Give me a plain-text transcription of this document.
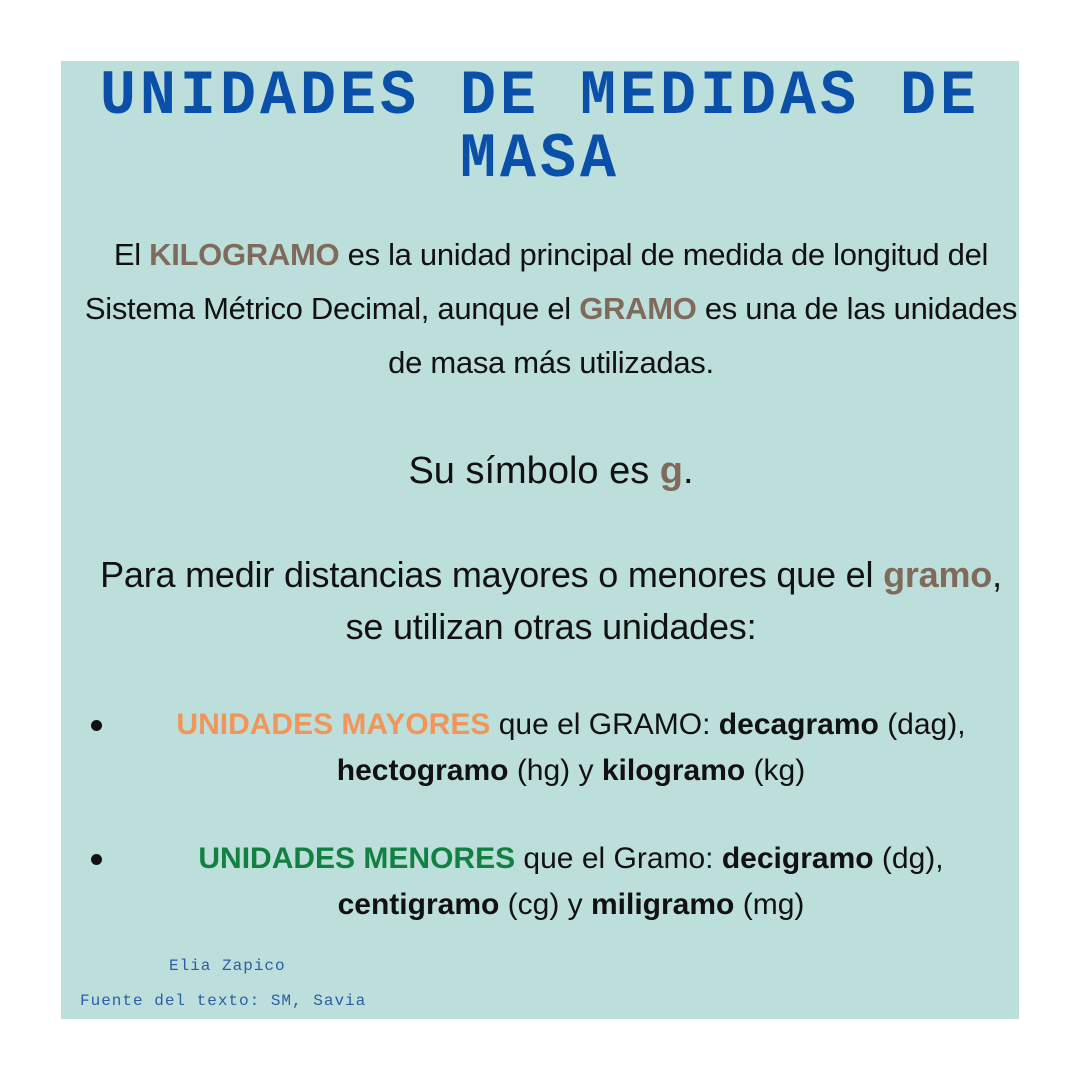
UNIDADES DE MEDIDAS DE
MASA
El KILOGRAMO es la unidad principal de medida de longitud del Sistema Métrico Decimal, aunque el GRAMO es una de las unidades de masa más utilizadas.
Su símbolo es g.
Para medir distancias mayores o menores que el gramo, se utilizan otras unidades:
UNIDADES MAYORES que el GRAMO: decagramo (dag),
hectogramo (hg) y kilogramo (kg)
UNIDADES MENORES que el Gramo: decigramo (dg),
centigramo (cg) y miligramo (mg)
Elia Zapico
Fuente del texto: SM, Savia
